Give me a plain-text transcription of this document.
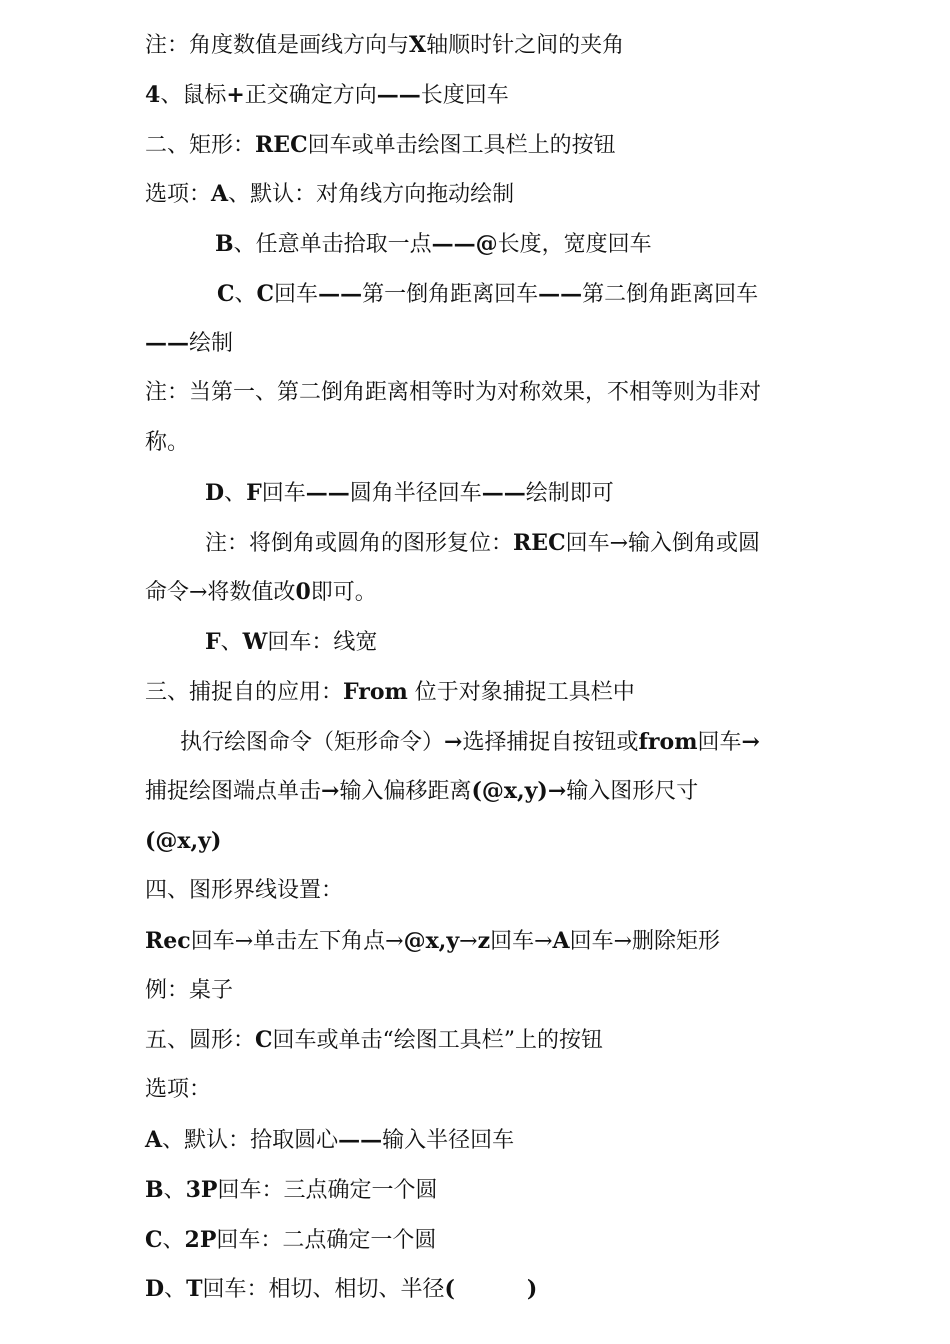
注：角度数值是画线方向与X轴顺时针之间的夹角
4、鼠标+正交确定方向——长度回车
二、矩形：REC回车或单击绘图工具栏上的按钮
选项：A、默认：对角线方向拖动绘制
B、任意单击拾取一点——@长度，宽度回车
C、C回车——第一倒角距离回车——第二倒角距离回车
——绘制
注：当第一、第二倒角距离相等时为对称效果，不相等则为非对
称。
D、F回车——圆角半径回车——绘制即可
注：将倒角或圆角的图形复位：REC回车→输入倒角或圆
命令→将数值改0即可。
F、W回车：线宽
三、捕捉自的应用：From 位于对象捕捉工具栏中
执行绘图命令（矩形命令）→选择捕捉自按钮或from回车→
捕捉绘图端点单击→输入偏移距离(@x,y)→输入图形尺寸
(@x,y)
四、图形界线设置：
Rec回车→单击左下角点→@x,y→z回车→A回车→删除矩形
例：桌子
五、圆形：C回车或单击“绘图工具栏”上的按钮
选项：
A、默认：拾取圆心——输入半径回车
B、3P回车：三点确定一个圆
C、2P回车：二点确定一个圆
D、T回车：相切、相切、半径(	)
